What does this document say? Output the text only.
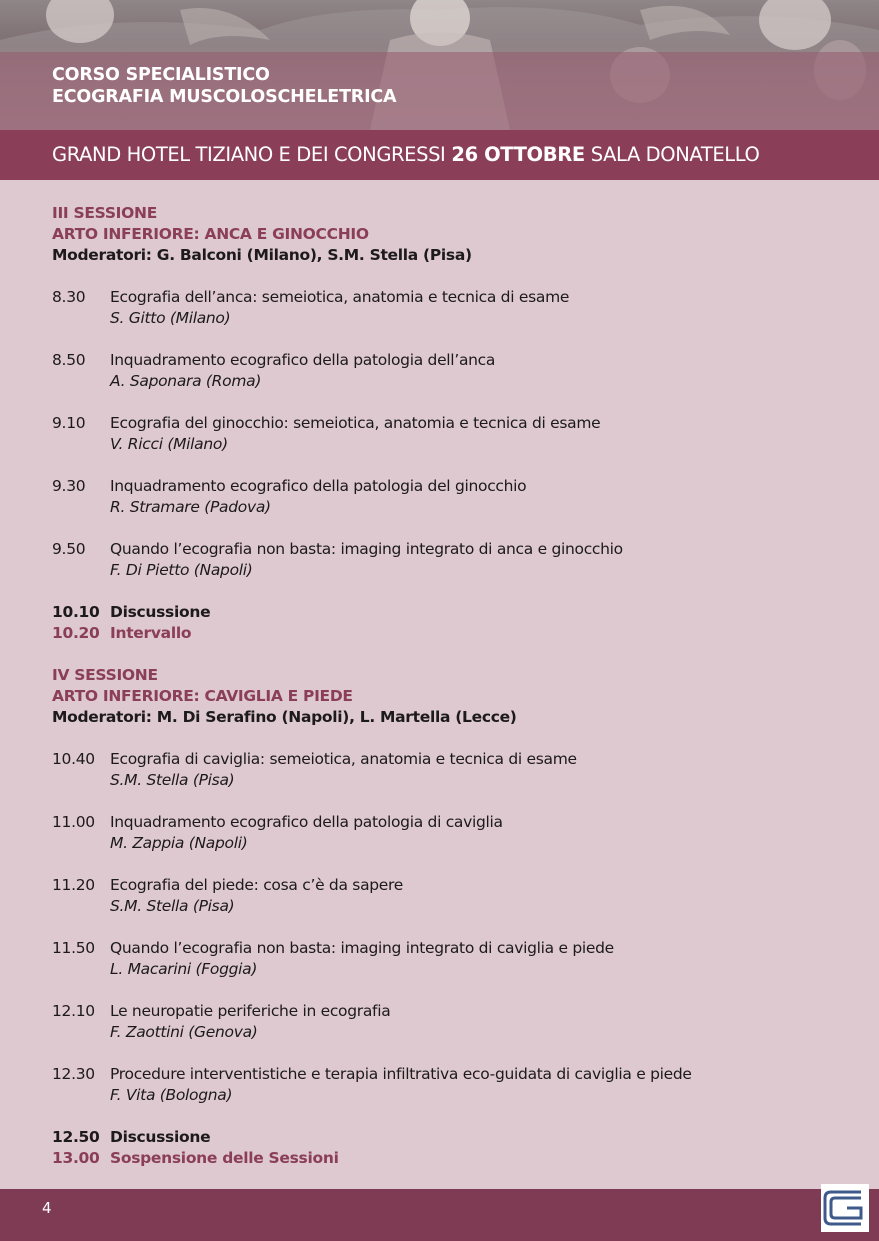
CORSO SPECIALISTICO
ECOGRAFIA MUSCOLOSCHELETRICA
GRAND HOTEL TIZIANO E DEI CONGRESSI 26 OTTOBRE SALA DONATELLO
III SESSIONE
ARTO INFERIORE: ANCA E GINOCCHIO
Moderatori: G. Balconi (Milano), S.M. Stella (Pisa)
8.30 Ecografia dell’anca: semeiotica, anatomia e tecnica di esame
S. Gitto (Milano)
8.50 Inquadramento ecografico della patologia dell’anca
A. Saponara (Roma)
9.10 Ecografia del ginocchio: semeiotica, anatomia e tecnica di esame
V. Ricci (Milano)
9.30 Inquadramento ecografico della patologia del ginocchio
R. Stramare (Padova)
9.50 Quando l’ecografia non basta: imaging integrato di anca e ginocchio
F. Di Pietto (Napoli)
10.10 Discussione
10.20 Intervallo
IV SESSIONE
ARTO INFERIORE: CAVIGLIA E PIEDE
Moderatori: M. Di Serafino (Napoli), L. Martella (Lecce)
10.40 Ecografia di caviglia: semeiotica, anatomia e tecnica di esame
S.M. Stella (Pisa)
11.00 Inquadramento ecografico della patologia di caviglia
M. Zappia (Napoli)
11.20 Ecografia del piede: cosa c’è da sapere
S.M. Stella (Pisa)
11.50 Quando l’ecografia non basta: imaging integrato di caviglia e piede
L. Macarini (Foggia)
12.10 Le neuropatie periferiche in ecografia
F. Zaottini (Genova)
12.30 Procedure interventistiche e terapia infiltrativa eco-guidata di caviglia e piede
F. Vita (Bologna)
12.50 Discussione
13.00 Sospensione delle Sessioni
4
